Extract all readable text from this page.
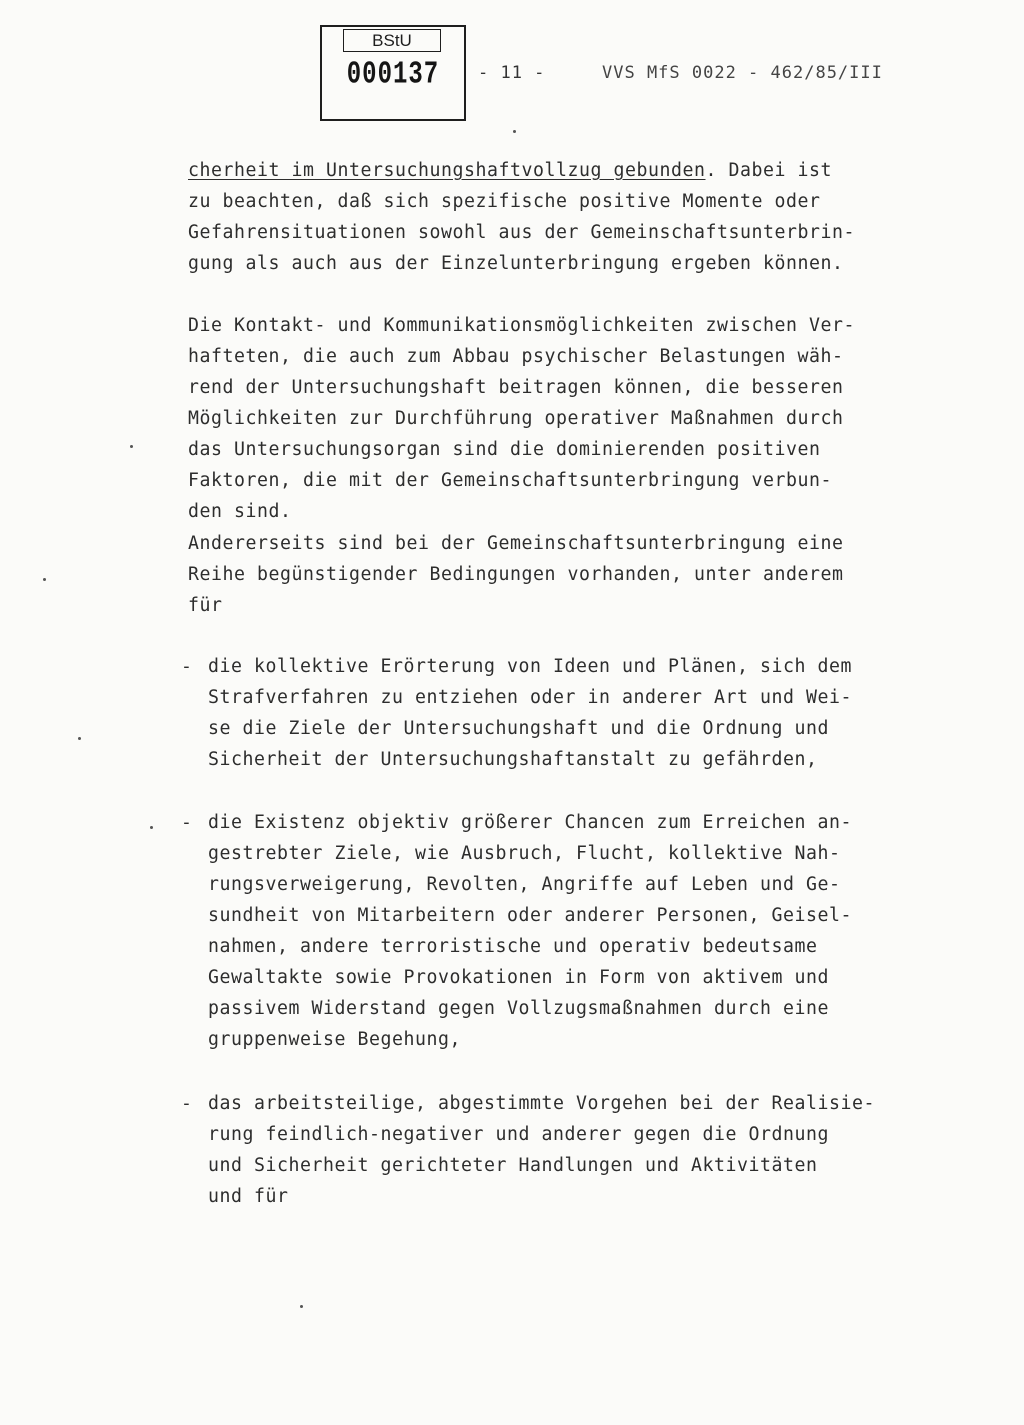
BStU
000137	- 11 -	VVS MfS 0022 - 462/85/III
cherheit im Untersuchungshaftvollzug gebunden. Dabei ist
zu beachten, daß sich spezifische positive Momente oder
Gefahrensituationen sowohl aus der Gemeinschaftsunterbrin-
gung als auch aus der Einzelunterbringung ergeben können.
Die Kontakt- und Kommunikationsmöglichkeiten zwischen Ver-
hafteten, die auch zum Abbau psychischer Belastungen wäh-
rend der Untersuchungshaft beitragen können, die besseren
Möglichkeiten zur Durchführung operativer Maßnahmen durch
das Untersuchungsorgan sind die dominierenden positiven
Faktoren, die mit der Gemeinschaftsunterbringung verbun-
den sind.
Andererseits sind bei der Gemeinschaftsunterbringung eine
Reihe begünstigender Bedingungen vorhanden, unter anderem
für
- die kollektive Erörterung von Ideen und Plänen, sich dem
Strafverfahren zu entziehen oder in anderer Art und Wei-
se die Ziele der Untersuchungshaft und die Ordnung und
Sicherheit der Untersuchungshaftanstalt zu gefährden,
- die Existenz objektiv größerer Chancen zum Erreichen an-
gestrebter Ziele, wie Ausbruch, Flucht, kollektive Nah-
rungsverweigerung, Revolten, Angriffe auf Leben und Ge-
sundheit von Mitarbeitern oder anderer Personen, Geisel-
nahmen, andere terroristische und operativ bedeutsame
Gewaltakte sowie Provokationen in Form von aktivem und
passivem Widerstand gegen Vollzugsmaßnahmen durch eine
gruppenweise Begehung,
- das arbeitsteilige, abgestimmte Vorgehen bei der Realisie-
rung feindlich-negativer und anderer gegen die Ordnung
und Sicherheit gerichteter Handlungen und Aktivitäten
und für
